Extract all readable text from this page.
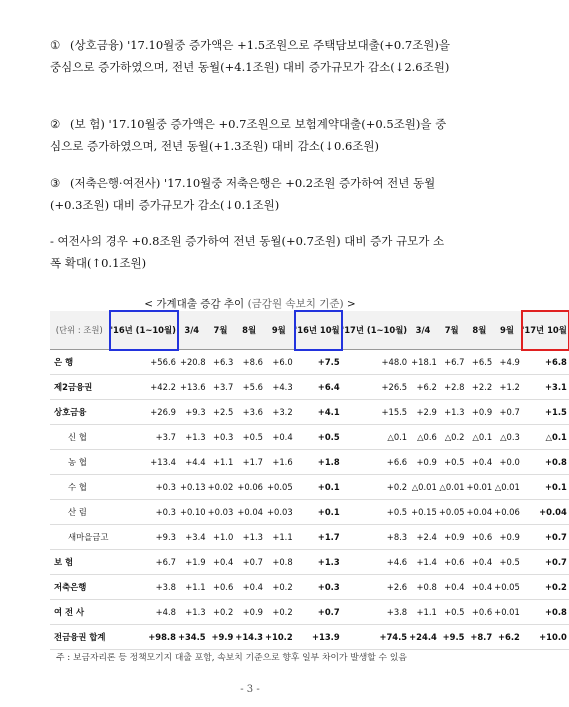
① (상호금융) '17.10월중 증가액은 +1.5조원으로 주택담보대출(+0.7조원)을 중심으로 증가하였으며, 전년 동월(+4.1조원) 대비 증가규모가 감소(↓2.6조원)
② (보 험) '17.10월중 증가액은 +0.7조원으로 보험계약대출(+0.5조원)을 중심으로 증가하였으며, 전년 동월(+1.3조원) 대비 감소(↓0.6조원)
③ (저축은행·여전사) '17.10월중 저축은행은 +0.2조원 증가하여 전년 동월(+0.3조원) 대비 증가규모가 감소(↓0.1조원)
- 여전사의 경우 +0.8조원 증가하여 전년 동월(+0.7조원) 대비 증가 규모가 소폭 확대(↑0.1조원)
< 가계대출 증감 추이 (금감원 속보치 기준) >
(단위 : 조원)	'16년 (1~10월)	3/4	7월	8월	9월	'16년 10월	'17년 (1~10월)	3/4	7월	8월	9월	'17년 10월
은 행	+56.6	+20.8	+6.3	+8.6	+6.0	+7.5	+48.0	+18.1	+6.7	+6.5	+4.9	+6.8
제2금융권	+42.2	+13.6	+3.7	+5.6	+4.3	+6.4	+26.5	+6.2	+2.8	+2.2	+1.2	+3.1
상호금융	+26.9	+9.3	+2.5	+3.6	+3.2	+4.1	+15.5	+2.9	+1.3	+0.9	+0.7	+1.5
신 협	+3.7	+1.3	+0.3	+0.5	+0.4	+0.5	△0.1	△0.6	△0.2	△0.1	△0.3	△0.1
농 협	+13.4	+4.4	+1.1	+1.7	+1.6	+1.8	+6.6	+0.9	+0.5	+0.4	+0.0	+0.8
수 협	+0.3	+0.13	+0.02	+0.06	+0.05	+0.1	+0.2	△0.01	△0.01	+0.01	△0.01	+0.1
산 림	+0.3	+0.10	+0.03	+0.04	+0.03	+0.1	+0.5	+0.15	+0.05	+0.04	+0.06	+0.04
새마을금고	+9.3	+3.4	+1.0	+1.3	+1.1	+1.7	+8.3	+2.4	+0.9	+0.6	+0.9	+0.7
보 험	+6.7	+1.9	+0.4	+0.7	+0.8	+1.3	+4.6	+1.4	+0.6	+0.4	+0.5	+0.7
저축은행	+3.8	+1.1	+0.6	+0.4	+0.2	+0.3	+2.6	+0.8	+0.4	+0.4	+0.05	+0.2
여 전 사	+4.8	+1.3	+0.2	+0.9	+0.2	+0.7	+3.8	+1.1	+0.5	+0.6	+0.01	+0.8
전금융권 합계	+98.8	+34.5	+9.9	+14.3	+10.2	+13.9	+74.5	+24.4	+9.5	+8.7	+6.2	+10.0
주 : 보금자리론 등 정책모기지 대출 포함, 속보치 기준으로 향후 일부 차이가 발생할 수 있음
- 3 -
